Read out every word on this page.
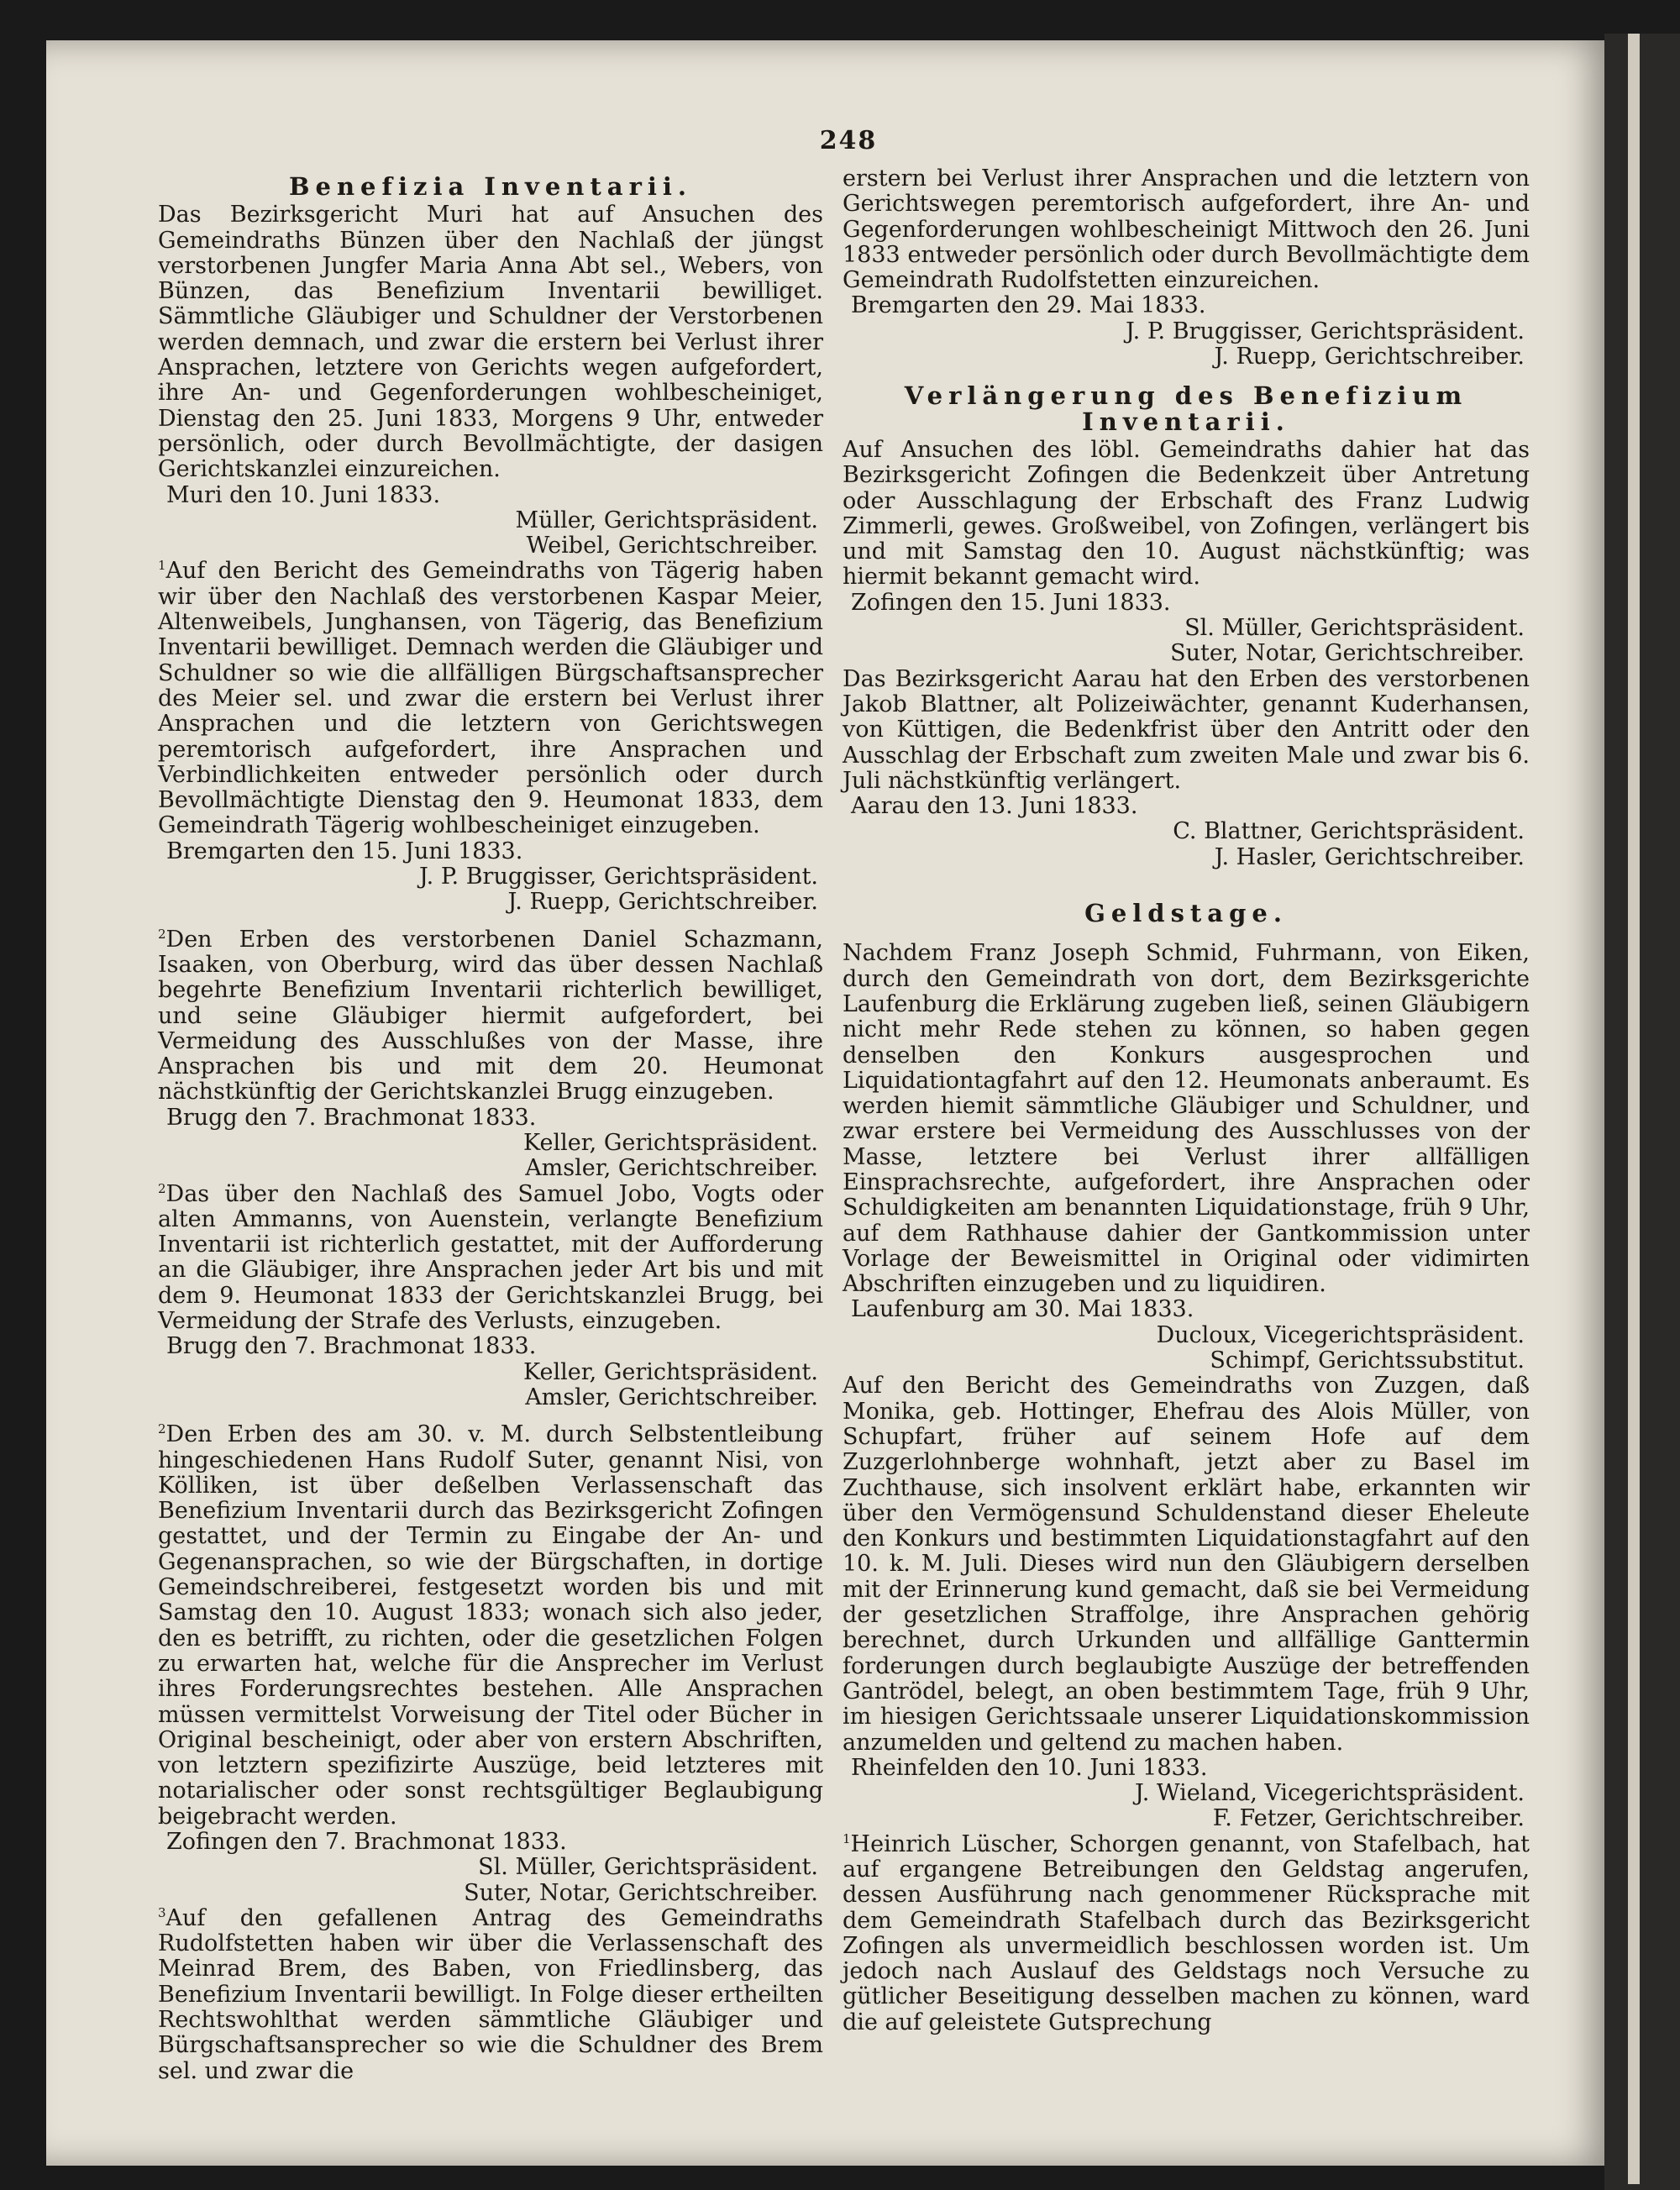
248
Benefizia Inventarii.

Das Bezirksgericht Muri hat auf Ansuchen des Gemeindraths Bünzen über den Nachlaß der jüngst verstorbenen Jungfer Maria Anna Abt sel., Webers, von Bünzen, das Benefizium Inventarii bewilliget. Sämmtliche Gläubiger und Schuldner der Verstorbenen werden demnach, und zwar die erstern bei Verlust ihrer Ansprachen, letztere von Gerichts wegen aufgefordert, ihre An- und Gegenforderungen wohlbescheiniget, Dienstag den 25. Juni 1833, Morgens 9 Uhr, entweder persönlich, oder durch Bevollmächtigte, der dasigen Gerichtskanzlei einzureichen.

Muri den 10. Juni 1833.

Müller, Gerichtspräsident.

Weibel, Gerichtschreiber.

$^1$Auf den Bericht des Gemeindraths von Tägerig haben wir über den Nachlaß des verstorbenen Kaspar Meier, Altenweibels, Junghansen, von Tägerig, das Benefizium Inventarii bewilliget. Demnach werden die Gläubiger und Schuldner so wie die allfälligen Bürgschaftsansprecher des Meier sel. und zwar die erstern bei Verlust ihrer Ansprachen und die letztern von Gerichtswegen peremtorisch aufgefordert, ihre Ansprachen und Verbindlichkeiten entweder persönlich oder durch Bevollmächtigte Dienstag den 9. Heumonat 1833, dem Gemeindrath Tägerig wohlbescheiniget einzugeben.

Bremgarten den 15. Juni 1833.

J. P. Bruggisser, Gerichtspräsident.

J. Ruepp, Gerichtschreiber.

$^2$Den Erben des verstorbenen Daniel Schazmann, Isaaken, von Oberburg, wird das über dessen Nachlaß begehrte Benefizium Inventarii richterlich bewilliget, und seine Gläubiger hiermit aufgefordert, bei Vermeidung des Ausschlußes von der Masse, ihre Ansprachen bis und mit dem 20. Heumonat nächstkünftig der Gerichtskanzlei Brugg einzugeben.

Brugg den 7. Brachmonat 1833.

Keller, Gerichtspräsident.

Amsler, Gerichtschreiber.

$^2$Das über den Nachlaß des Samuel Jobo, Vogts oder alten Ammanns, von Auenstein, verlangte Benefizium Inventarii ist richterlich gestattet, mit der Aufforderung an die Gläubiger, ihre Ansprachen jeder Art bis und mit dem 9. Heumonat 1833 der Gerichtskanzlei Brugg, bei Vermeidung der Strafe des Verlusts, einzugeben.

Brugg den 7. Brachmonat 1833.

Keller, Gerichtspräsident.

Amsler, Gerichtschreiber.

$^2$Den Erben des am 30. v. M. durch Selbstentleibung hingeschiedenen Hans Rudolf Suter, genannt Nisi, von Kölliken, ist über deßelben Verlassenschaft das Benefizium Inventarii durch das Bezirksgericht Zofingen gestattet, und der Termin zu Eingabe der An- und Gegenansprachen, so wie der Bürgschaften, in dortige Gemeindschreiberei, festgesetzt worden bis und mit Samstag den 10. August 1833; wonach sich also jeder, den es betrifft, zu richten, oder die gesetzlichen Folgen zu erwarten hat, welche für die Ansprecher im Verlust ihres Forderungsrechtes bestehen. Alle Ansprachen müssen vermittelst Vorweisung der Titel oder Bücher in Original bescheinigt, oder aber von erstern Abschriften, von letztern spezifizirte Auszüge, beid letzteres mit notarialischer oder sonst rechtsgültiger Beglaubigung beigebracht werden.

Zofingen den 7. Brachmonat 1833.

Sl. Müller, Gerichtspräsident.

Suter, Notar, Gerichtschreiber.

$^3$Auf den gefallenen Antrag des Gemeindraths Rudolfstetten haben wir über die Verlassenschaft des Meinrad Brem, des Baben, von Friedlinsberg, das Benefizium Inventarii bewilligt. In Folge dieser ertheilten Rechtswohlthat werden sämmtliche Gläubiger und Bürgschaftsansprecher so wie die Schuldner des Brem sel. und zwar die

erstern bei Verlust ihrer Ansprachen und die letztern von Gerichtswegen peremtorisch aufgefordert, ihre An- und Gegenforderungen wohlbescheinigt Mittwoch den 26. Juni 1833 entweder persönlich oder durch Bevollmächtigte dem Gemeindrath Rudolfstetten einzureichen.

Bremgarten den 29. Mai 1833.

J. P. Bruggisser, Gerichtspräsident.

J. Ruepp, Gerichtschreiber.

Verlängerung des Benefizium Inventarii.

Auf Ansuchen des löbl. Gemeindraths dahier hat das Bezirksgericht Zofingen die Bedenkzeit über Antretung oder Ausschlagung der Erbschaft des Franz Ludwig Zimmerli, gewes. Großweibel, von Zofingen, verlängert bis und mit Samstag den 10. August nächstkünftig; was hiermit bekannt gemacht wird.

Zofingen den 15. Juni 1833.

Sl. Müller, Gerichtspräsident.

Suter, Notar, Gerichtschreiber.

Das Bezirksgericht Aarau hat den Erben des verstorbenen Jakob Blattner, alt Polizeiwächter, genannt Kuderhansen, von Küttigen, die Bedenkfrist über den Antritt oder den Ausschlag der Erbschaft zum zweiten Male und zwar bis 6. Juli nächstkünftig verlängert.

Aarau den 13. Juni 1833.

C. Blattner, Gerichtspräsident.

J. Hasler, Gerichtschreiber.

Geldstage.

Nachdem Franz Joseph Schmid, Fuhrmann, von Eiken, durch den Gemeindrath von dort, dem Bezirksgerichte Laufenburg die Erklärung zugeben ließ, seinen Gläubigern nicht mehr Rede stehen zu können, so haben gegen denselben den Konkurs ausgesprochen und Liquidationtagfahrt auf den 12. Heumonats anberaumt. Es werden hiemit sämmtliche Gläubiger und Schuldner, und zwar erstere bei Vermeidung des Ausschlusses von der Masse, letztere bei Verlust ihrer allfälligen Einsprachsrechte, aufgefordert, ihre Ansprachen oder Schuldigkeiten am benannten Liquidationstage, früh 9 Uhr, auf dem Rathhause dahier der Gantkommission unter Vorlage der Beweismittel in Original oder vidimirten Abschriften einzugeben und zu liquidiren.

Laufenburg am 30. Mai 1833.

Ducloux, Vicegerichtspräsident.

Schimpf, Gerichtssubstitut.

Auf den Bericht des Gemeindraths von Zuzgen, daß Monika, geb. Hottinger, Ehefrau des Alois Müller, von Schupfart, früher auf seinem Hofe auf dem Zuzgerlohnberge wohnhaft, jetzt aber zu Basel im Zuchthause, sich insolvent erklärt habe, erkannten wir über den Vermögensund Schuldenstand dieser Eheleute den Konkurs und bestimmten Liquidationstagfahrt auf den 10. k. M. Juli. Dieses wird nun den Gläubigern derselben mit der Erinnerung kund gemacht, daß sie bei Vermeidung der gesetzlichen Straffolge, ihre Ansprachen gehörig berechnet, durch Urkunden und allfällige Ganttermin forderungen durch beglaubigte Auszüge der betreffenden Gantrödel, belegt, an oben bestimmtem Tage, früh 9 Uhr, im hiesigen Gerichtssaale unserer Liquidationskommission anzumelden und geltend zu machen haben.

Rheinfelden den 10. Juni 1833.

J. Wieland, Vicegerichtspräsident.

F. Fetzer, Gerichtschreiber.

$^1$Heinrich Lüscher, Schorgen genannt, von Stafelbach, hat auf ergangene Betreibungen den Geldstag angerufen, dessen Ausführung nach genommener Rücksprache mit dem Gemeindrath Stafelbach durch das Bezirksgericht Zofingen als unvermeidlich beschlossen worden ist. Um jedoch nach Auslauf des Geldstags noch Versuche zu gütlicher Beseitigung desselben machen zu können, ward die auf geleistete Gutsprechung
